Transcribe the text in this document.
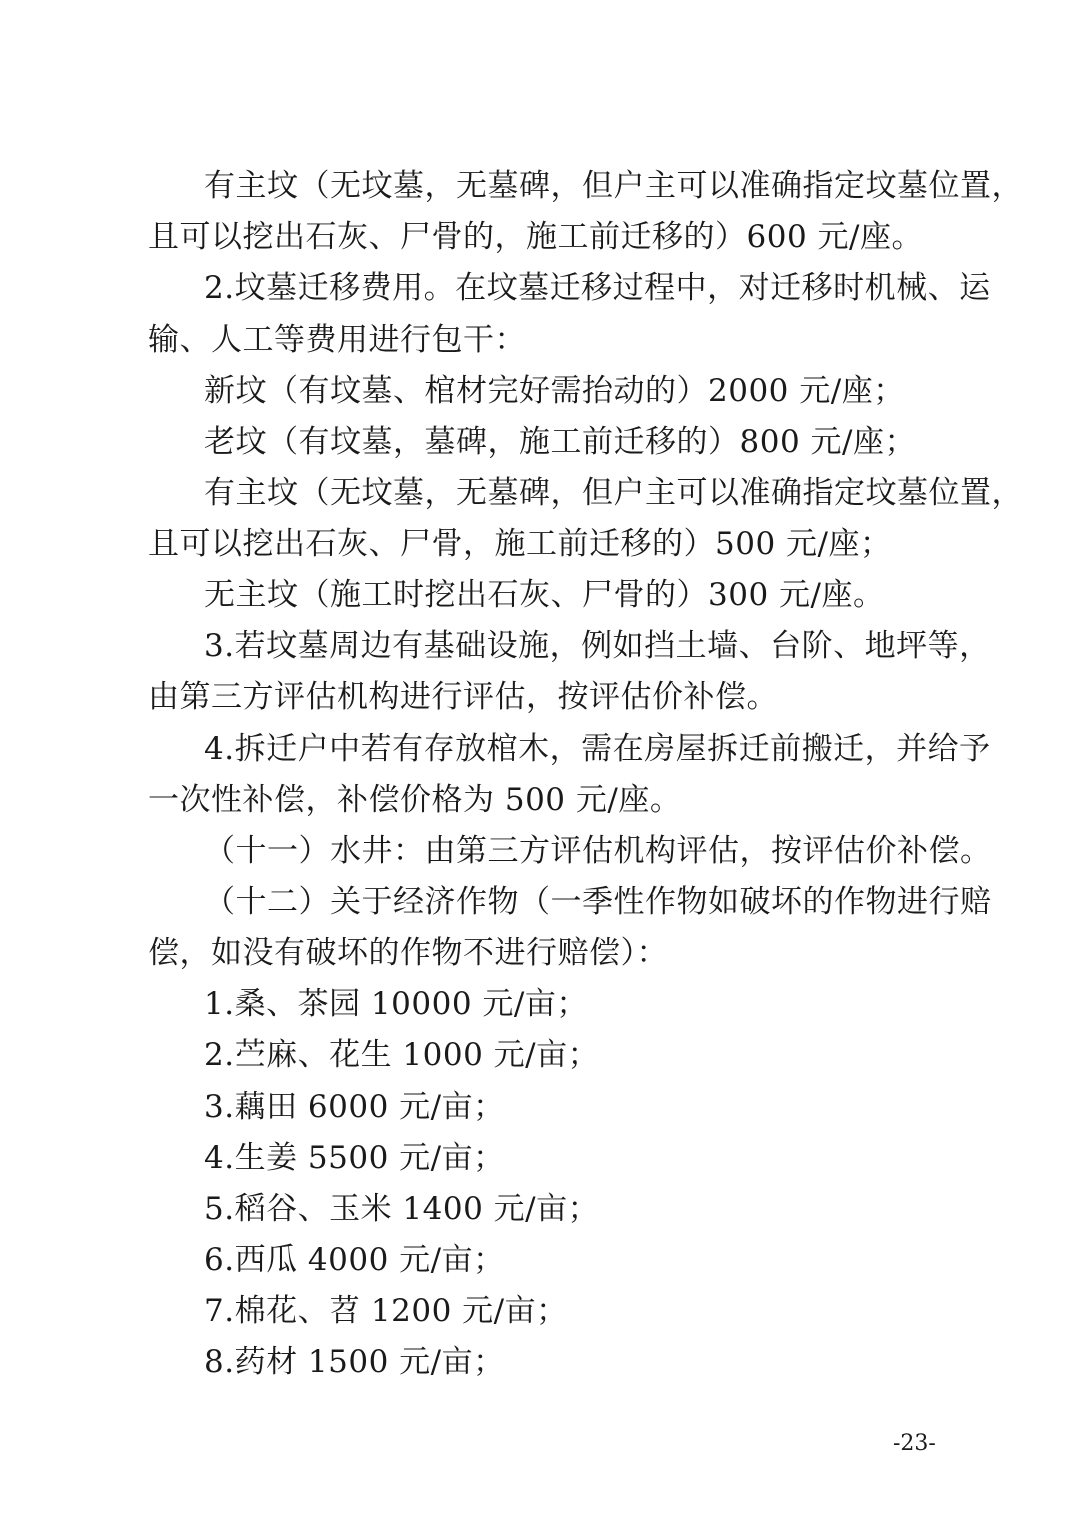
有主坟（无坟墓，无墓碑，但户主可以准确指定坟墓位置，
且可以挖出石灰、尸骨的，施工前迁移的）600 元/座。
2.坟墓迁移费用。在坟墓迁移过程中，对迁移时机械、运
输、人工等费用进行包干：
新坟（有坟墓、棺材完好需抬动的）2000 元/座；
老坟（有坟墓，墓碑，施工前迁移的）800 元/座；
有主坟（无坟墓，无墓碑，但户主可以准确指定坟墓位置，
且可以挖出石灰、尸骨，施工前迁移的）500 元/座；
无主坟（施工时挖出石灰、尸骨的）300 元/座。
3.若坟墓周边有基础设施，例如挡土墙、台阶、地坪等，
由第三方评估机构进行评估，按评估价补偿。
4.拆迁户中若有存放棺木，需在房屋拆迁前搬迁，并给予
一次性补偿，补偿价格为 500 元/座。
（十一）水井：由第三方评估机构评估，按评估价补偿。
（十二）关于经济作物（一季性作物如破坏的作物进行赔
偿，如没有破坏的作物不进行赔偿）：
1.桑、茶园 10000 元/亩；
2.苎麻、花生 1000 元/亩；
3.藕田 6000 元/亩；
4.生姜 5500 元/亩；
5.稻谷、玉米 1400 元/亩；
6.西瓜 4000 元/亩；
7.棉花、苕 1200 元/亩；
8.药材 1500 元/亩；
-23-
